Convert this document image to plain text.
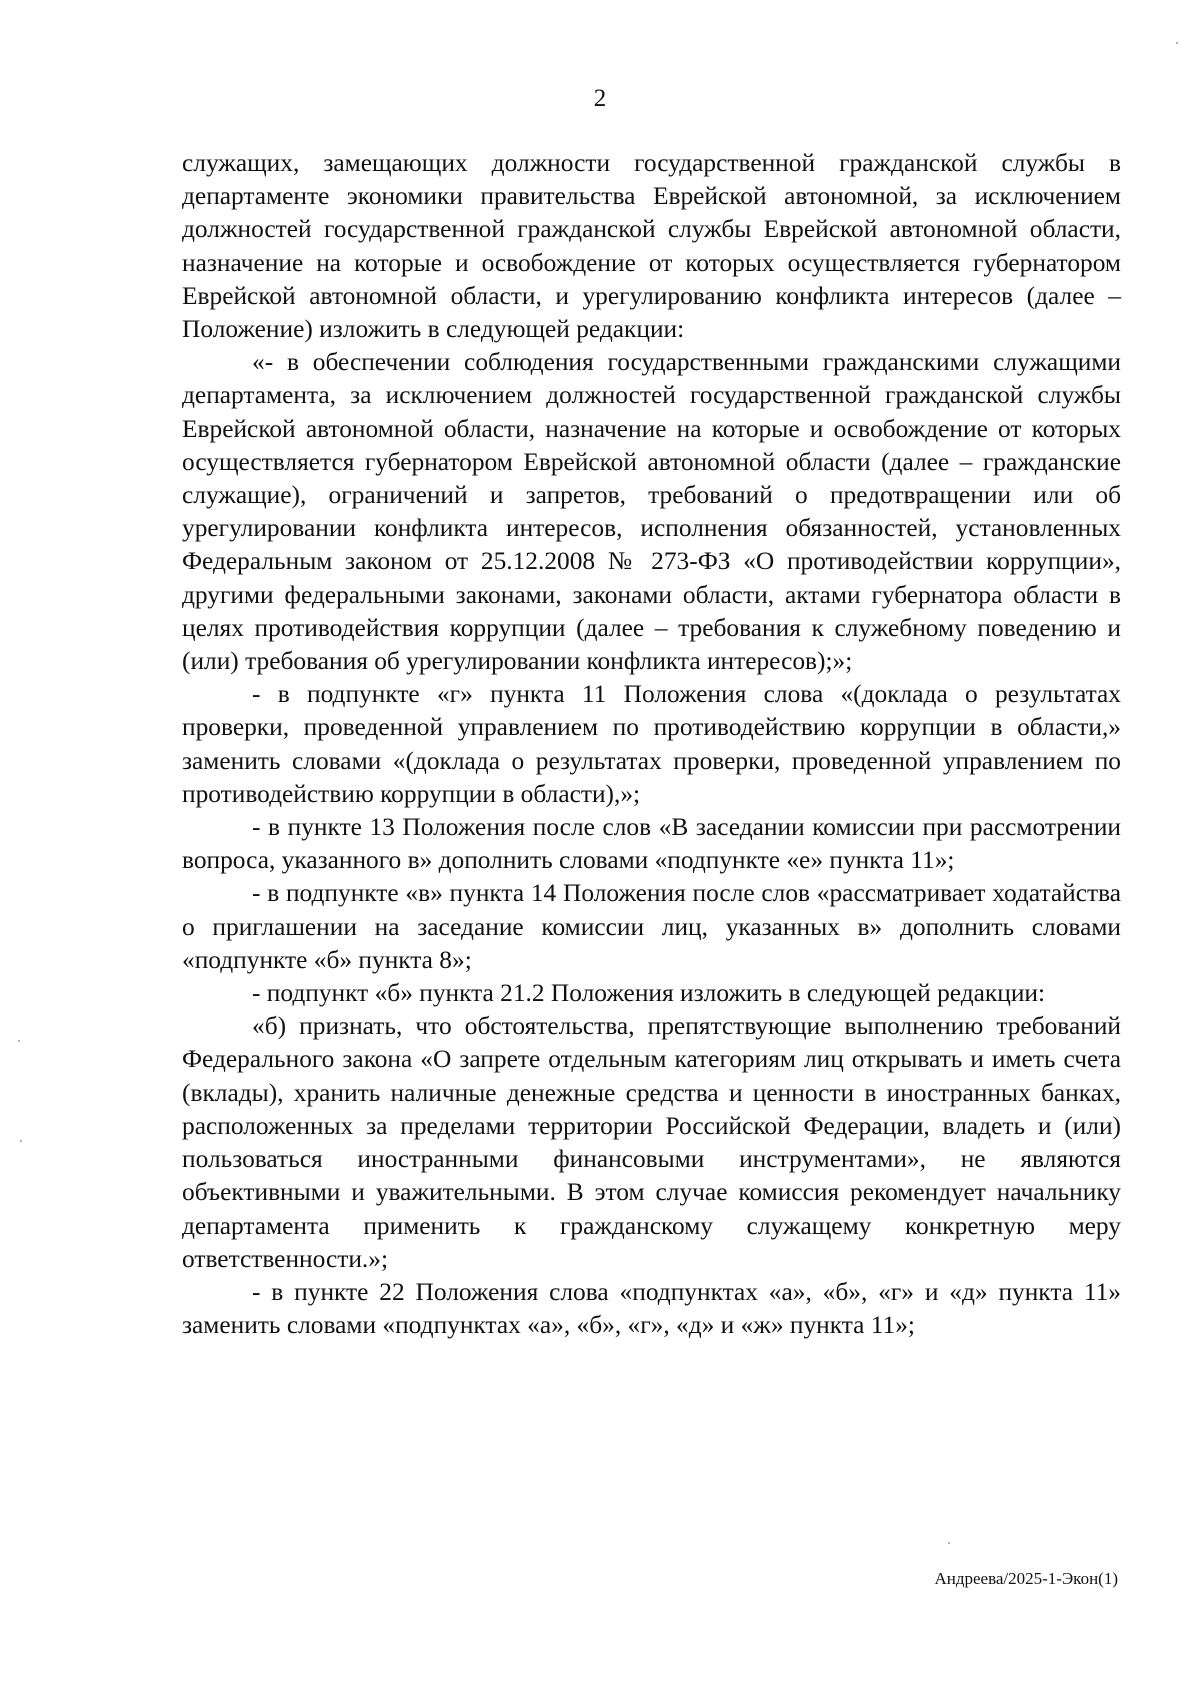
2

служащих, замещающих должности государственной гражданской службы в департаменте экономики правительства Еврейской автономной, за исключением должностей государственной гражданской службы Еврейской автономной области, назначение на которые и освобождение от которых осуществляется губернатором Еврейской автономной области, и урегулированию конфликта интересов (далее – Положение) изложить в следующей редакции:

«- в обеспечении соблюдения государственными гражданскими служащими департамента, за исключением должностей государственной гражданской службы Еврейской автономной области, назначение на которые и освобождение от которых осуществляется губернатором Еврейской автономной области (далее – гражданские служащие), ограничений и запретов, требований о предотвращении или об урегулировании конфликта интересов, исполнения обязанностей, установленных Федеральным законом от 25.12.2008 № 273-ФЗ «О противодействии коррупции», другими федеральными законами, законами области, актами губернатора области в целях противодействия коррупции (далее – требования к служебному поведению и (или) требования об урегулировании конфликта интересов);»;

- в подпункте «г» пункта 11 Положения слова «(доклада о результатах проверки, проведенной управлением по противодействию коррупции в области,» заменить словами «(доклада о результатах проверки, проведенной управлением по противодействию коррупции в области),»;

- в пункте 13 Положения после слов «В заседании комиссии при рассмотрении вопроса, указанного в» дополнить словами «подпункте «е» пункта 11»;

- в подпункте «в» пункта 14 Положения после слов «рассматривает ходатайства о приглашении на заседание комиссии лиц, указанных в» дополнить словами «подпункте «б» пункта 8»;

- подпункт «б» пункта 21.2 Положения изложить в следующей редакции:

«б) признать, что обстоятельства, препятствующие выполнению требований Федерального закона «О запрете отдельным категориям лиц открывать и иметь счета (вклады), хранить наличные денежные средства и ценности в иностранных банках, расположенных за пределами территории Российской Федерации, владеть и (или) пользоваться иностранными финансовыми инструментами», не являются объективными и уважительными. В этом случае комиссия рекомендует начальнику департамента применить к гражданскому служащему конкретную меру ответственности.»;

- в пункте 22 Положения слова «подпунктах «а», «б», «г» и «д» пункта 11» заменить словами «подпунктах «а», «б», «г», «д» и «ж» пункта 11»;

Андреева/2025-1-Экон(1)
